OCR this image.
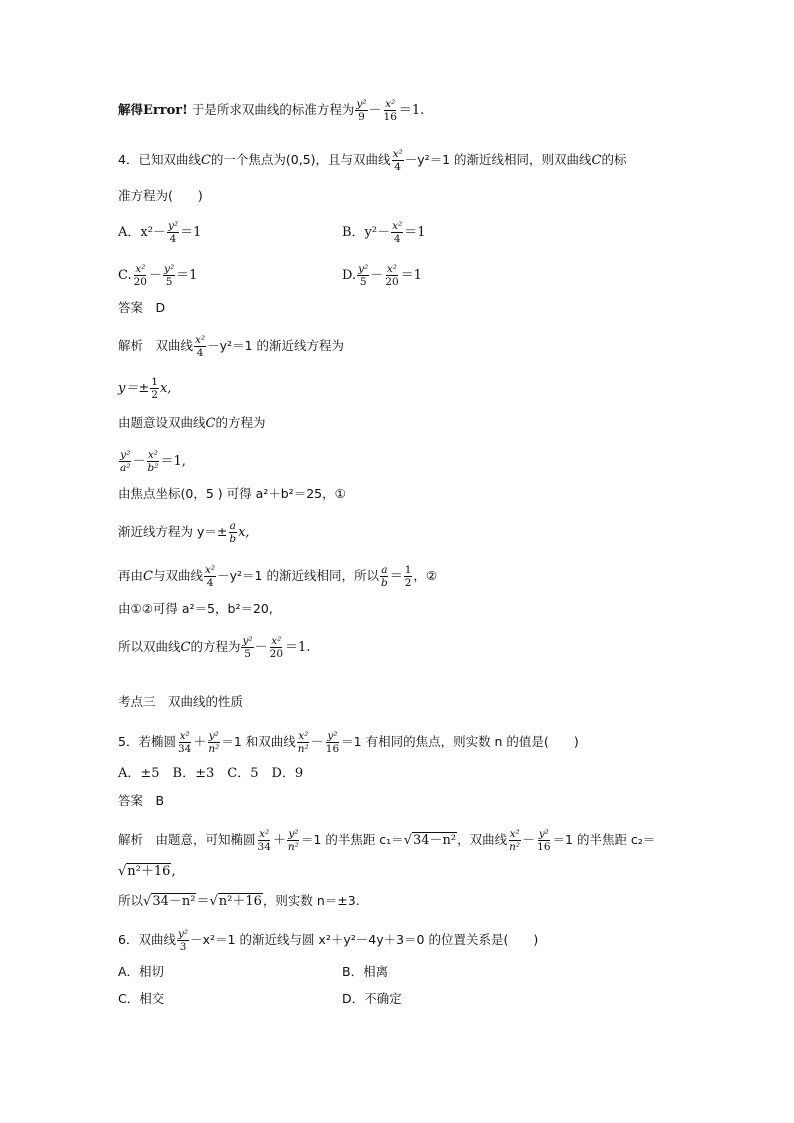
解得Error! 于是所求双曲线的标准方程为 $\frac{\text{y²}}{9} - \frac{\text{x²}}{16} =1$.
4．已知双曲线C的一个焦点为(0,5)，且与双曲线 $\frac{\text{x²}}{4} -y^2=1$ 的渐近线相同，则双曲线C的标
准方程为(　　)
A．$x^2- \frac{\text{y²}}{4} =1$	B．$y^2- \frac{\text{x²}}{4} =1$
C. $\frac{\text{x²}}{20} - \frac{\text{y²}}{5} =1$	D. $\frac{\text{y²}}{5} - \frac{\text{x²}}{20} =1$
答案　D
解析　双曲线 $\frac{\text{x²}}{4} -y^2=1$ 的渐近线方程为
$y=\pm \frac{1}{2} x$,
由题意设双曲线C的方程为
$\frac{\text{y²}}{\text{a²}} - \frac{\text{x²}}{\text{b²}} =1$,
由焦点坐标(0，5 ) 可得 a²＋b²＝25，①
渐近线方程为 $y=\pm \frac{a}{b} x$,
再由C与双曲线 $\frac{\text{x²}}{4} -y^2=1$ 的渐近线相同，所以 $\frac{a}{b} = \frac{1}{2}$ ，②
由①②可得 a²＝5，b²＝20,
所以双曲线C的方程为 $\frac{\text{y²}}{5} - \frac{\text{x²}}{20} =1$.
考点三　双曲线的性质
5．若椭圆 $\frac{\text{x²}}{34} + \frac{\text{y²}}{\text{n²}} =1$ 和双曲线 $\frac{\text{x²}}{\text{n²}} - \frac{\text{y²}}{16} =1$ 有相同的焦点，则实数 n 的值是(　　)
A．±5　B．±3　C．5　D．9
答案　B
解析　由题意，可知椭圆 $\frac{\text{x²}}{34} + \frac{\text{y²}}{\text{n²}} =1$ 的半焦距 c₁＝√34－n²，双曲线 $\frac{\text{x²}}{\text{n²}} - \frac{\text{y²}}{16} =1$ 的半焦距 c₂＝
√n²＋16,
所以√34－n²＝√n²＋16，则实数 n＝±3.
6．双曲线 $\frac{\text{y²}}{3} -x^2=1$ 的渐近线与圆 x²＋y²－4y＋3＝0 的位置关系是(　　)
A．相切	B．相离
C．相交	D．不确定
